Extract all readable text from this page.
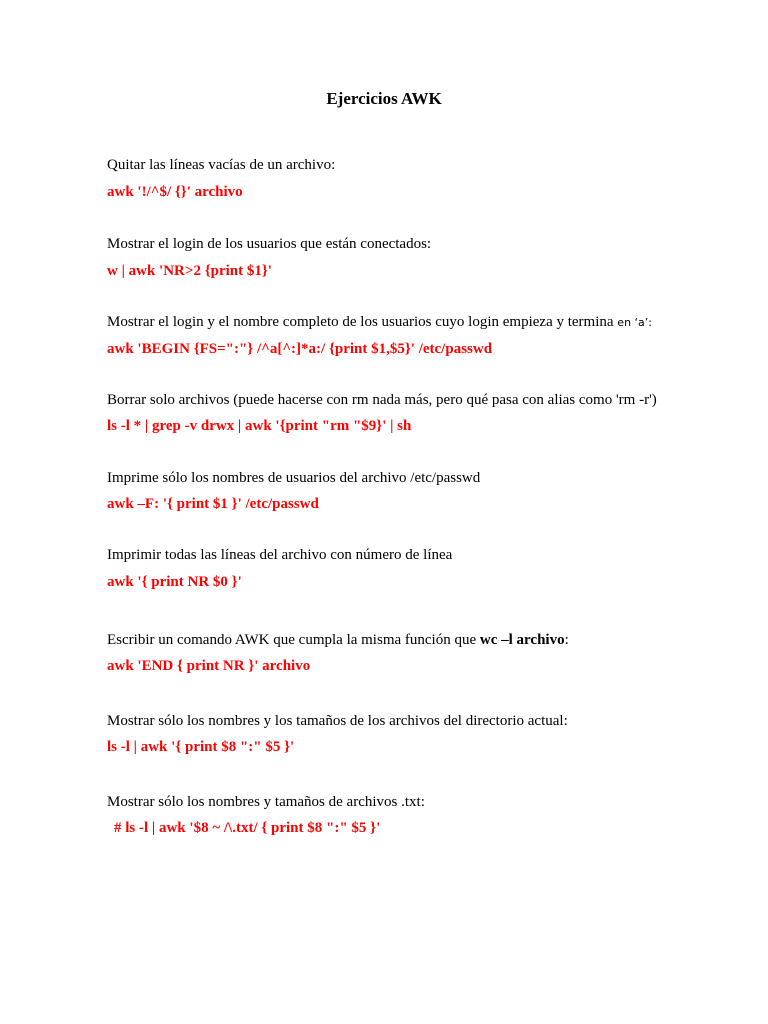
Ejercicios AWK
Quitar las líneas vacías de un archivo:
awk '!/^$/ {}' archivo
Mostrar el login de los usuarios que están conectados:
w | awk 'NR>2 {print $1}'
Mostrar el login y el nombre completo de los usuarios cuyo login empieza y termina en ‘a’:
awk 'BEGIN {FS=":"} /^a[^:]*a:/ {print $1,$5}' /etc/passwd
Borrar solo archivos (puede hacerse con rm nada más, pero qué pasa con alias como 'rm -r')
ls -l * | grep -v drwx | awk '{print "rm "$9}' | sh
Imprime sólo los nombres de usuarios del archivo /etc/passwd
awk –F: '{ print $1 }' /etc/passwd
Imprimir todas las líneas del archivo con número de línea
awk '{ print NR $0 }'
Escribir un comando AWK que cumpla la misma función que wc –l archivo:
awk 'END { print NR }' archivo
Mostrar sólo los nombres y los tamaños de los archivos del directorio actual:
ls -l | awk '{ print $8 ":" $5 }'
Mostrar sólo los nombres y tamaños de archivos .txt:
# ls -l | awk '$8 ~ /\.txt/ { print $8 ":" $5 }'
